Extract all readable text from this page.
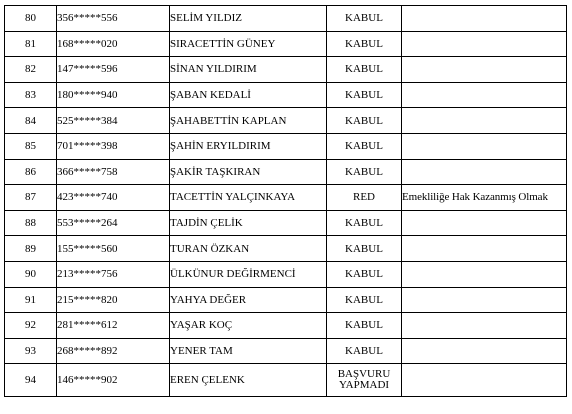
80	356*****556	SELİM YILDIZ	KABUL	
81	168*****020	SIRACETTİN GÜNEY	KABUL	
82	147*****596	SİNAN YILDIRIM	KABUL	
83	180*****940	ŞABAN KEDALİ	KABUL	
84	525*****384	ŞAHABETTİN KAPLAN	KABUL	
85	701*****398	ŞAHİN ERYILDIRIM	KABUL	
86	366*****758	ŞAKİR TAŞKIRAN	KABUL	
87	423*****740	TACETTİN YALÇINKAYA	RED	Emekliliğe Hak Kazanmış Olmak
88	553*****264	TAJDİN ÇELİK	KABUL	
89	155*****560	TURAN ÖZKAN	KABUL	
90	213*****756	ÜLKÜNUR DEĞİRMENCİ	KABUL	
91	215*****820	YAHYA DEĞER	KABUL	
92	281*****612	YAŞAR KOÇ	KABUL	
93	268*****892	YENER TAM	KABUL	
94	146*****902	EREN ÇELENK	BAŞVURU YAPMADI	
